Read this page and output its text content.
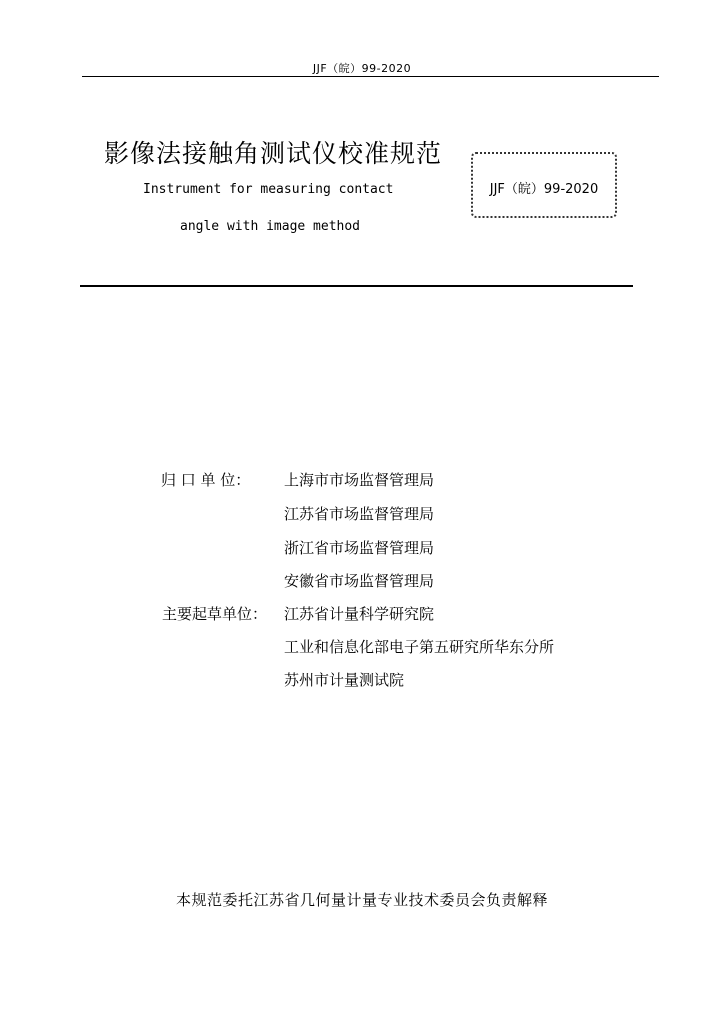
JJF（皖）99-2020
影像法接触角测试仪校准规范
Instrument for measuring contact
angle with image method
JJF（皖）99-2020
归 口 单 位： 上海市市场监督管理局
江苏省市场监督管理局
浙江省市场监督管理局
安徽省市场监督管理局
主要起草单位： 江苏省计量科学研究院
工业和信息化部电子第五研究所华东分所
苏州市计量测试院
本规范委托江苏省几何量计量专业技术委员会负责解释
